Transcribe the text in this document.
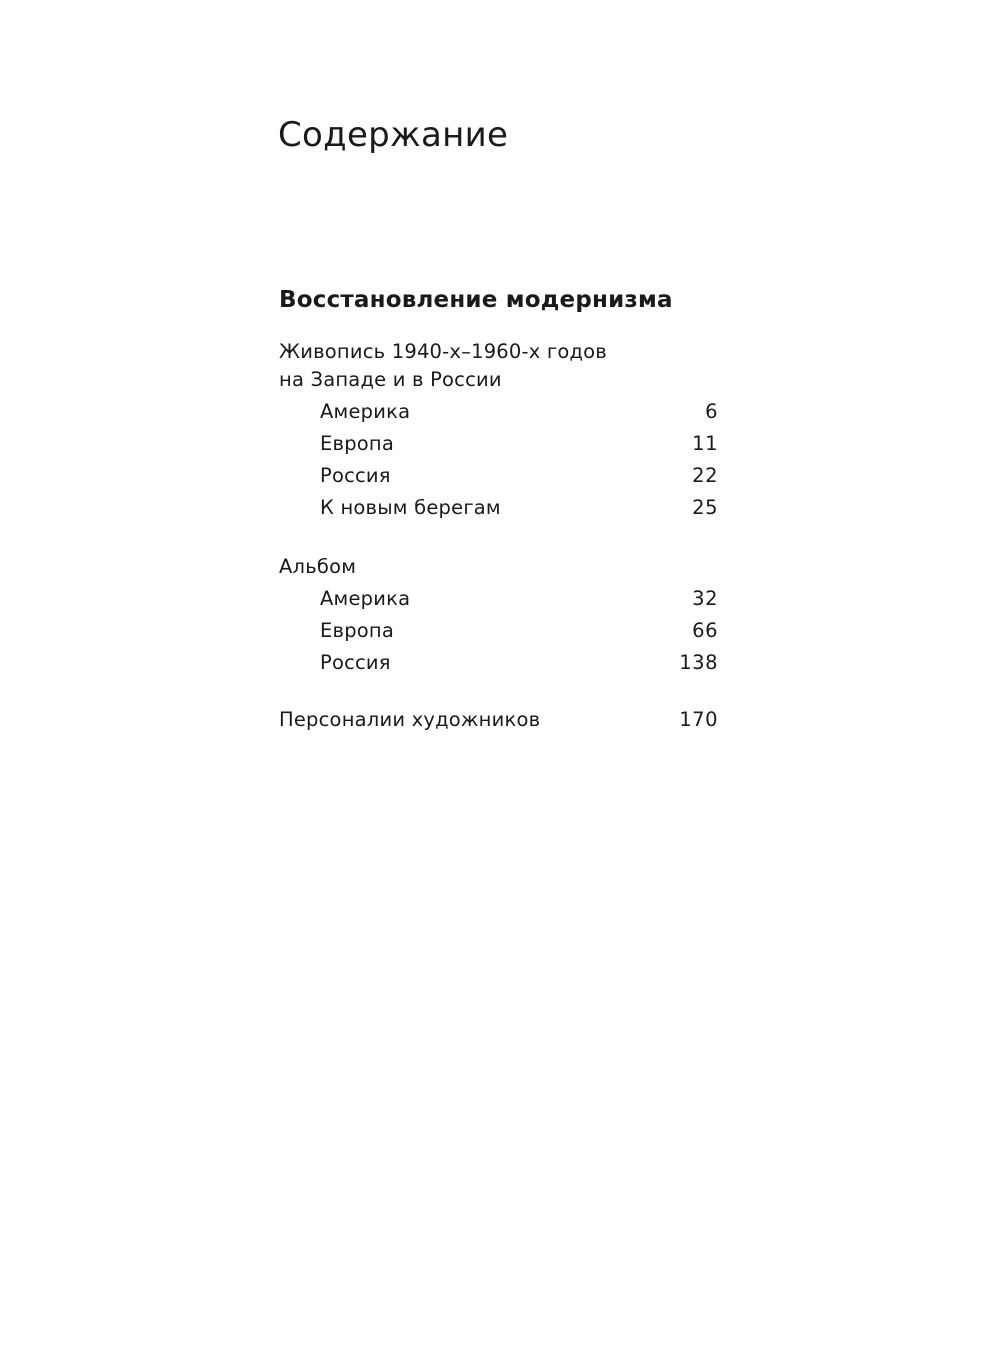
Содержание
Восстановление модернизма
Живопись 1940-х–1960-х годов
на Западе и в России
Америка	6
Европа	11
Россия	22
К новым берегам	25
Альбом
Америка	32
Европа	66
Россия	138
Персоналии художников	170
